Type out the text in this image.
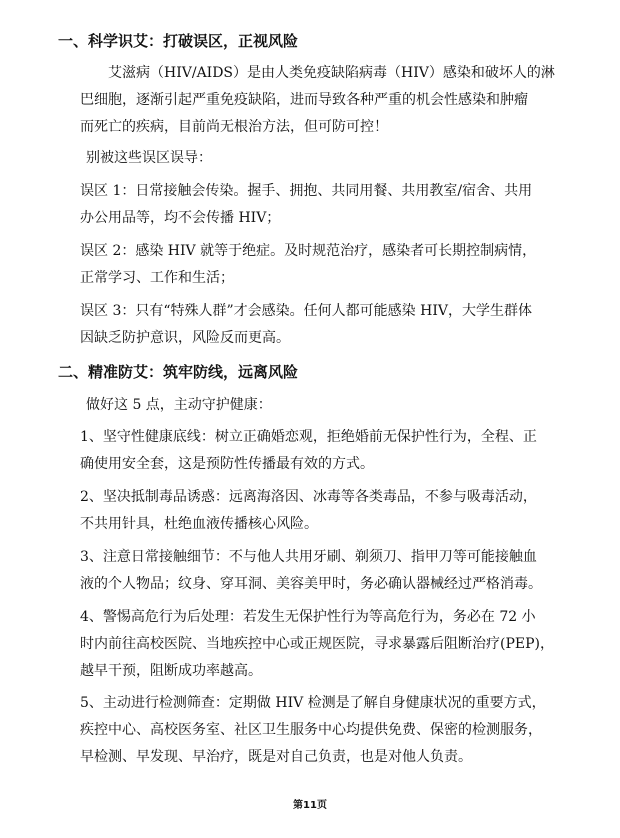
一、科学识艾：打破误区，正视风险
艾滋病（HIV/AIDS）是由人类免疫缺陷病毒（HIV）感染和破坏人的淋
巴细胞，逐渐引起严重免疫缺陷，进而导致各种严重的机会性感染和肿瘤
而死亡的疾病，目前尚无根治方法，但可防可控！
别被这些误区误导：
误区 1：日常接触会传染。握手、拥抱、共同用餐、共用教室/宿舍、共用
办公用品等，均不会传播 HIV；
误区 2：感染 HIV 就等于绝症。及时规范治疗，感染者可长期控制病情，
正常学习、工作和生活；
误区 3：只有“特殊人群”才会感染。任何人都可能感染 HIV，大学生群体
因缺乏防护意识，风险反而更高。
二、精准防艾：筑牢防线，远离风险
做好这 5 点，主动守护健康：
1、坚守性健康底线：树立正确婚恋观，拒绝婚前无保护性行为，全程、正
确使用安全套，这是预防性传播最有效的方式。
2、坚决抵制毒品诱惑：远离海洛因、冰毒等各类毒品，不参与吸毒活动，
不共用针具，杜绝血液传播核心风险。
3、注意日常接触细节：不与他人共用牙刷、剃须刀、指甲刀等可能接触血
液的个人物品；纹身、穿耳洞、美容美甲时，务必确认器械经过严格消毒。
4、警惕高危行为后处理：若发生无保护性行为等高危行为，务必在 72 小
时内前往高校医院、当地疾控中心或正规医院，寻求暴露后阻断治疗(PEP)，
越早干预，阻断成功率越高。
5、主动进行检测筛查：定期做 HIV 检测是了解自身健康状况的重要方式，
疾控中心、高校医务室、社区卫生服务中心均提供免费、保密的检测服务，
早检测、早发现、早治疗，既是对自己负责，也是对他人负责。
第11页
